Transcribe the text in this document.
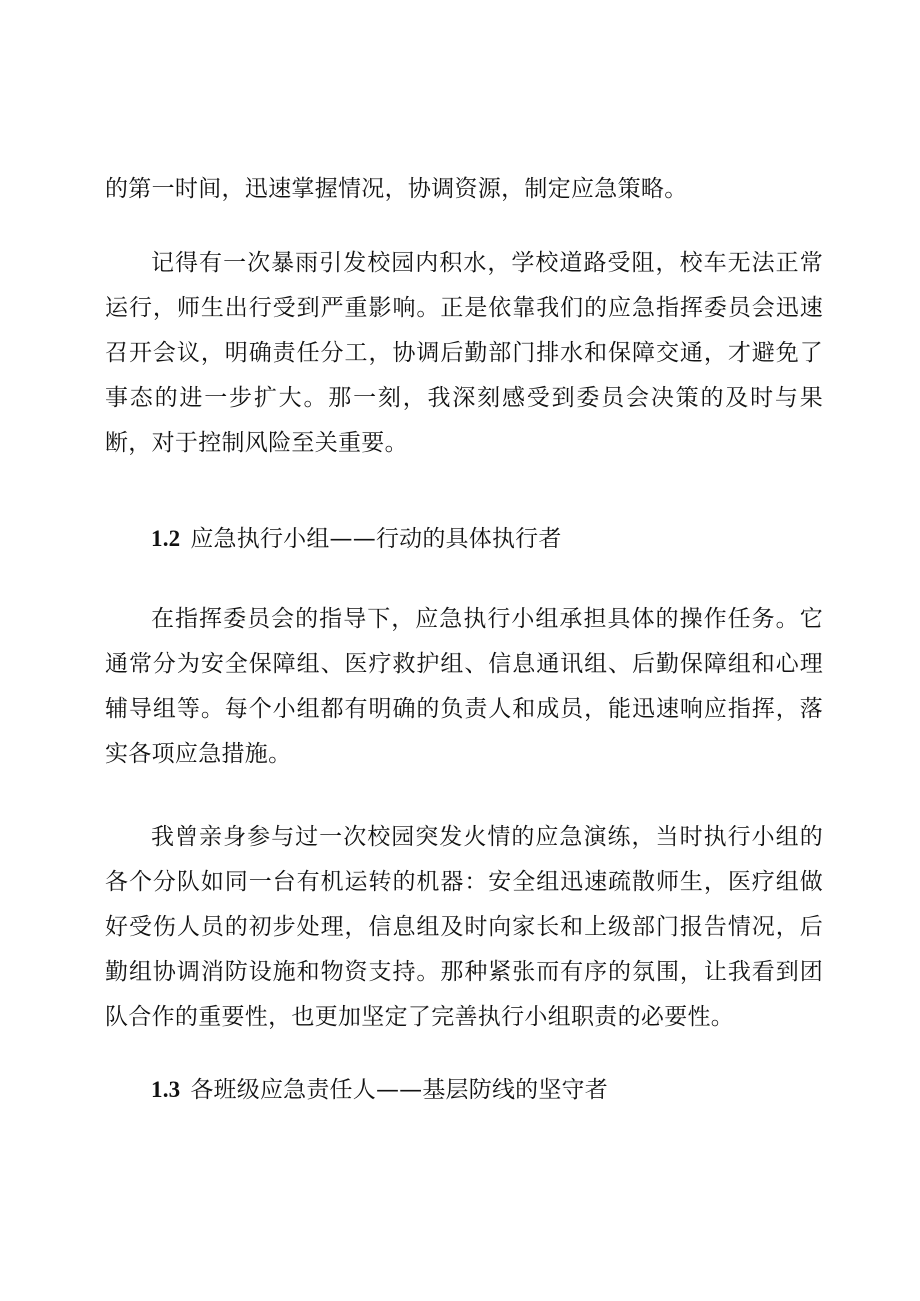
的第一时间，迅速掌握情况，协调资源，制定应急策略。

记得有一次暴雨引发校园内积水，学校道路受阻，校车无法正常运行，师生出行受到严重影响。正是依靠我们的应急指挥委员会迅速召开会议，明确责任分工，协调后勤部门排水和保障交通，才避免了事态的进一步扩大。那一刻，我深刻感受到委员会决策的及时与果断，对于控制风险至关重要。

1.2 应急执行小组——行动的具体执行者

在指挥委员会的指导下，应急执行小组承担具体的操作任务。它通常分为安全保障组、医疗救护组、信息通讯组、后勤保障组和心理辅导组等。每个小组都有明确的负责人和成员，能迅速响应指挥，落实各项应急措施。

我曾亲身参与过一次校园突发火情的应急演练，当时执行小组的各个分队如同一台有机运转的机器：安全组迅速疏散师生，医疗组做好受伤人员的初步处理，信息组及时向家长和上级部门报告情况，后勤组协调消防设施和物资支持。那种紧张而有序的氛围，让我看到团队合作的重要性，也更加坚定了完善执行小组职责的必要性。

1.3 各班级应急责任人——基层防线的坚守者
